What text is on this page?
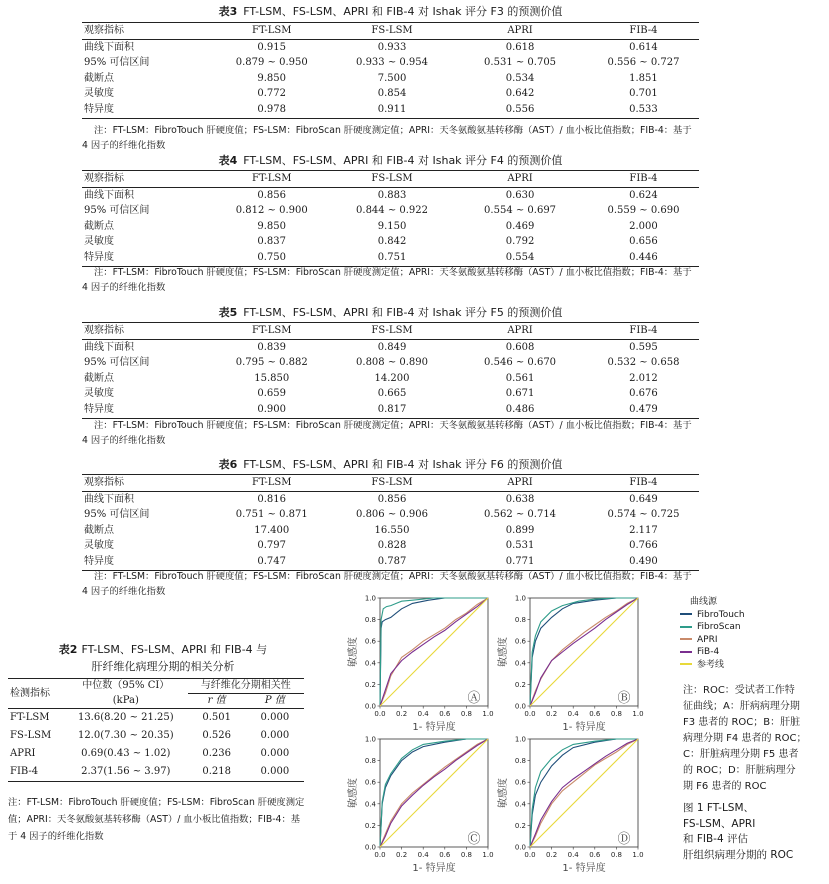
表3 FT-LSM、FS-LSM、APRI 和 FIB-4 对 Ishak 评分 F3 的预测价值
观察指标	FT-LSM	FS-LSM	APRI	FIB-4
曲线下面积	0.915	0.933	0.618	0.614
95% 可信区间	0.879 ~ 0.950	0.933 ~ 0.954	0.531 ~ 0.705	0.556 ~ 0.727
截断点	9.850	7.500	0.534	1.851
灵敏度	0.772	0.854	0.642	0.701
特异度	0.978	0.911	0.556	0.533
注：FT-LSM：FibroTouch 肝硬度值；FS-LSM：FibroScan 肝硬度测定值；APRI：天冬氨酸氨基转移酶（AST）/ 血小板比值指数；FIB-4：基于 4 因子的纤维化指数
表4 FT-LSM、FS-LSM、APRI 和 FIB-4 对 Ishak 评分 F4 的预测价值
观察指标	FT-LSM	FS-LSM	APRI	FIB-4
曲线下面积	0.856	0.883	0.630	0.624
95% 可信区间	0.812 ~ 0.900	0.844 ~ 0.922	0.554 ~ 0.697	0.559 ~ 0.690
截断点	9.850	9.150	0.469	2.000
灵敏度	0.837	0.842	0.792	0.656
特异度	0.750	0.751	0.554	0.446
注：FT-LSM：FibroTouch 肝硬度值；FS-LSM：FibroScan 肝硬度测定值；APRI：天冬氨酸氨基转移酶（AST）/ 血小板比值指数；FIB-4：基于 4 因子的纤维化指数
表5 FT-LSM、FS-LSM、APRI 和 FIB-4 对 Ishak 评分 F5 的预测价值
观察指标	FT-LSM	FS-LSM	APRI	FIB-4
曲线下面积	0.839	0.849	0.608	0.595
95% 可信区间	0.795 ~ 0.882	0.808 ~ 0.890	0.546 ~ 0.670	0.532 ~ 0.658
截断点	15.850	14.200	0.561	2.012
灵敏度	0.659	0.665	0.671	0.676
特异度	0.900	0.817	0.486	0.479
注：FT-LSM：FibroTouch 肝硬度值；FS-LSM：FibroScan 肝硬度测定值；APRI：天冬氨酸氨基转移酶（AST）/ 血小板比值指数；FIB-4：基于 4 因子的纤维化指数
表6 FT-LSM、FS-LSM、APRI 和 FIB-4 对 Ishak 评分 F6 的预测价值
观察指标	FT-LSM	FS-LSM	APRI	FIB-4
曲线下面积	0.816	0.856	0.638	0.649
95% 可信区间	0.751 ~ 0.871	0.806 ~ 0.906	0.562 ~ 0.714	0.574 ~ 0.725
截断点	17.400	16.550	0.899	2.117
灵敏度	0.797	0.828	0.531	0.766
特异度	0.747	0.787	0.771	0.490
注：FT-LSM：FibroTouch 肝硬度值；FS-LSM：FibroScan 肝硬度测定值；APRI：天冬氨酸氨基转移酶（AST）/ 血小板比值指数；FIB-4：基于 4 因子的纤维化指数
表2 FT-LSM、FS-LSM、APRI 和 FIB-4 与
肝纤维化病理分期的相关分析
检测指标	中位数（95% CI）	与纤维化分期相关性	
	(kPa)	r 值	P 值
FT-LSM	13.6(8.20 ~ 21.25)	0.501	0.000
FS-LSM	12.0(7.30 ~ 20.35)	0.526	0.000
APRI	0.69(0.43 ~ 1.02)	0.236	0.000
FIB-4	2.37(1.56 ~ 3.97)	0.218	0.000
注：FT-LSM：FibroTouch 肝硬度值；FS-LSM：FibroScan 肝硬度测定值；APRI：天冬氨酸氨基转移酶（AST）/ 血小板比值指数；FIB-4：基于 4 因子的纤维化指数
0.0
0.0
0.2
0.2
0.4
0.4
0.6
0.6
0.8
0.8
1.0
1.0
1- 特异度
敏感度
Ⓐ
0.0
0.0
0.2
0.2
0.4
0.4
0.6
0.6
0.8
0.8
1.0
1.0
1- 特异度
敏感度
Ⓑ
0.0
0.0
0.2
0.2
0.4
0.4
0.6
0.6
0.8
0.8
1.0
1.0
1- 特异度
敏感度
Ⓒ
0.0
0.0
0.2
0.2
0.4
0.4
0.6
0.6
0.8
0.8
1.0
1.0
1- 特异度
敏感度
Ⓓ
曲线源
FibroTouch
FibroScan
APRI
FiB-4
参考线
注：ROC：受试者工作特
征曲线；A：肝病病理分期
F3 患者的 ROC；B：肝脏
病理分期 F4 患者的 ROC；
C：肝脏病理分期 F5 患者
的 ROC；D：肝脏病理分
期 F6 患者的 ROC
图 1 FT-LSM、
FS-LSM、APRI
和 FIB-4 评估
肝组织病理分期的 ROC
